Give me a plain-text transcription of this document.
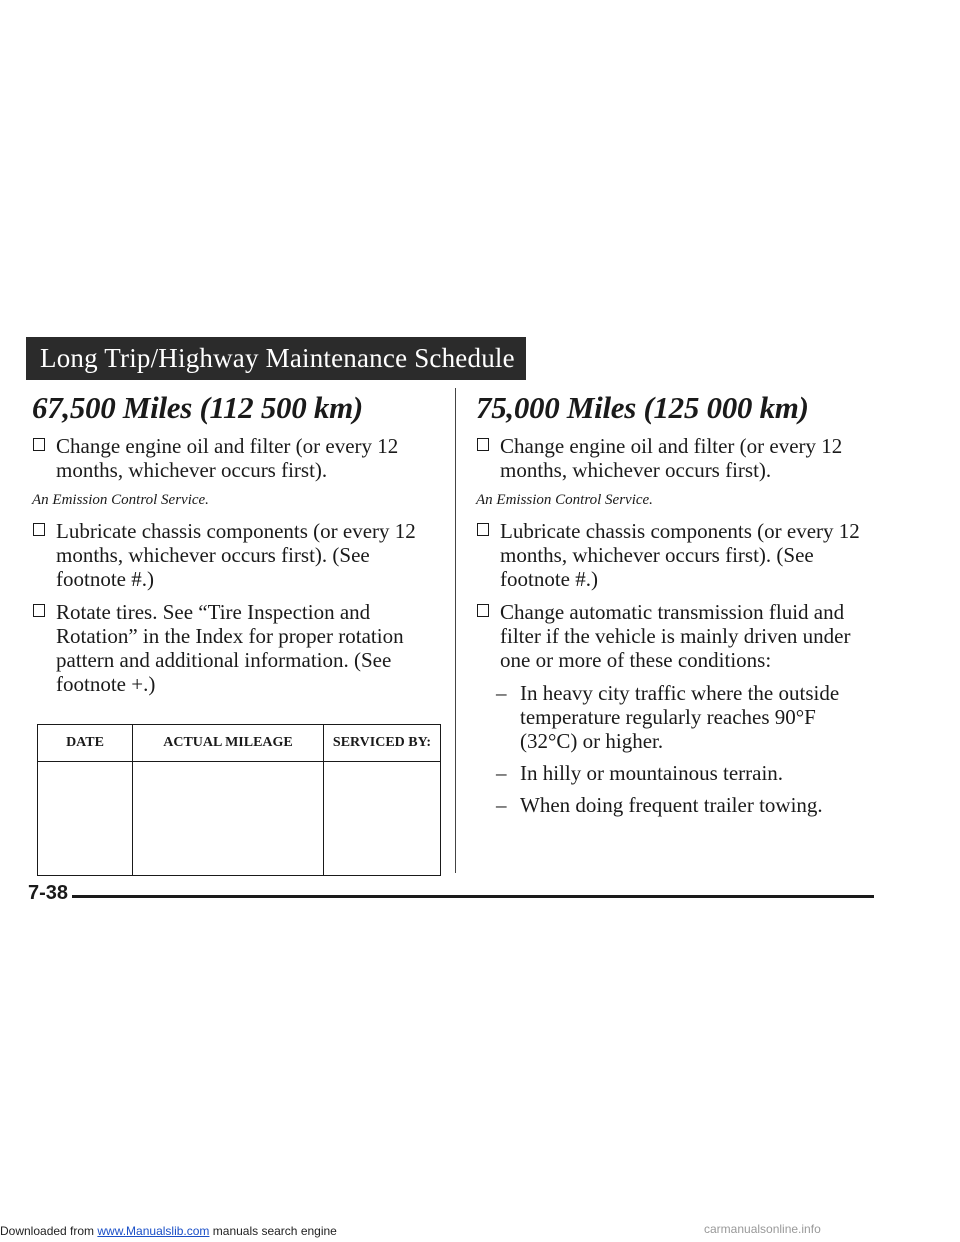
Downloaded from www.Manualslib.com manuals search engine
Long Trip/Highway Maintenance Schedule
67,500 Miles (112 500 km)	75,000 Miles (125 000 km)
Change engine oil and filter (or every 12 months, whichever occurs first).
An Emission Control Service.
Lubricate chassis components (or every 12 months, whichever occurs first). (See footnote #.)
Rotate tires. See “Tire Inspection and Rotation” in the Index for proper rotation pattern and additional information. (See footnote +.)
DATE	ACTUAL MILEAGE	SERVICED BY:

Change engine oil and filter (or every 12 months, whichever occurs first).
An Emission Control Service.
Lubricate chassis components (or every 12 months, whichever occurs first). (See footnote #.)
Change automatic transmission fluid and filter if the vehicle is mainly driven under one or more of these conditions:
– In heavy city traffic where the outside temperature regularly reaches 90°F (32°C) or higher.
– In hilly or mountainous terrain.
– When doing frequent trailer towing.
7-38
carmanualsonline.info
